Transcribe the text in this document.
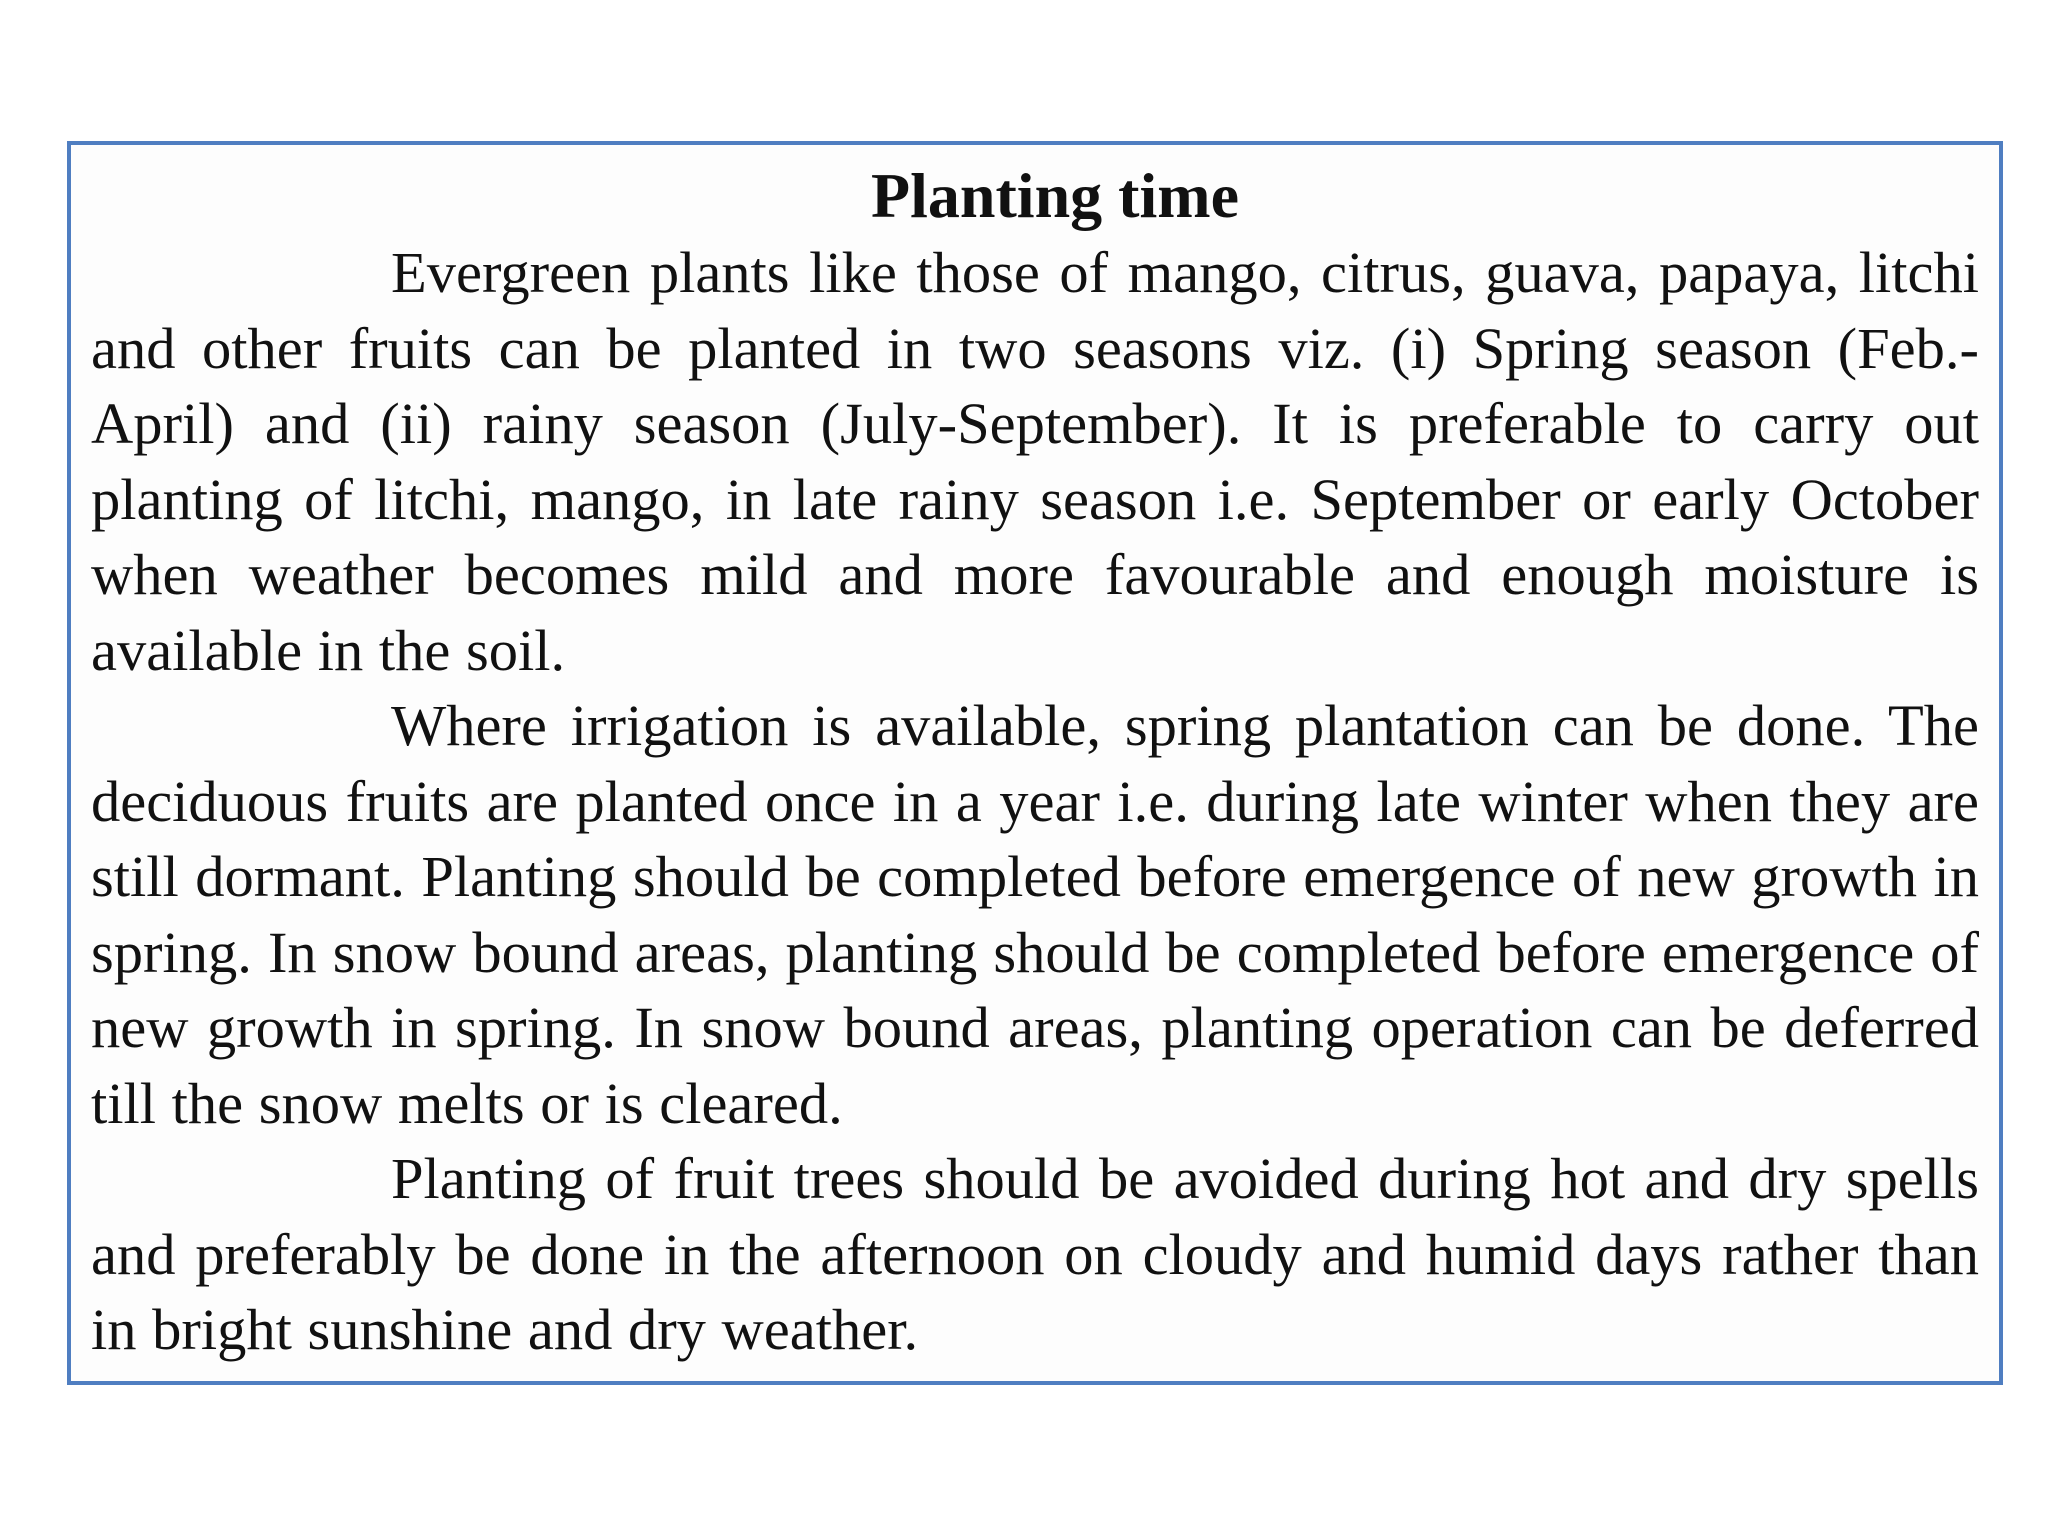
Planting time

Evergreen plants like those of mango, citrus, guava, papaya, litchi and other fruits can be planted in two seasons viz. (i) Spring season (Feb.-April) and (ii) rainy season (July-September). It is preferable to carry out planting of litchi, mango, in late rainy season i.e. September or early October when weather becomes mild and more favourable and enough moisture is available in the soil.

Where irrigation is available, spring plantation can be done. The deciduous fruits are planted once in a year i.e. during late winter when they are still dormant. Planting should be completed before emergence of new growth in spring. In snow bound areas, planting should be completed before emergence of new growth in spring. In snow bound areas, planting operation can be deferred till the snow melts or is cleared.

Planting of fruit trees should be avoided during hot and dry spells and preferably be done in the afternoon on cloudy and humid days rather than in bright sunshine and dry weather.
